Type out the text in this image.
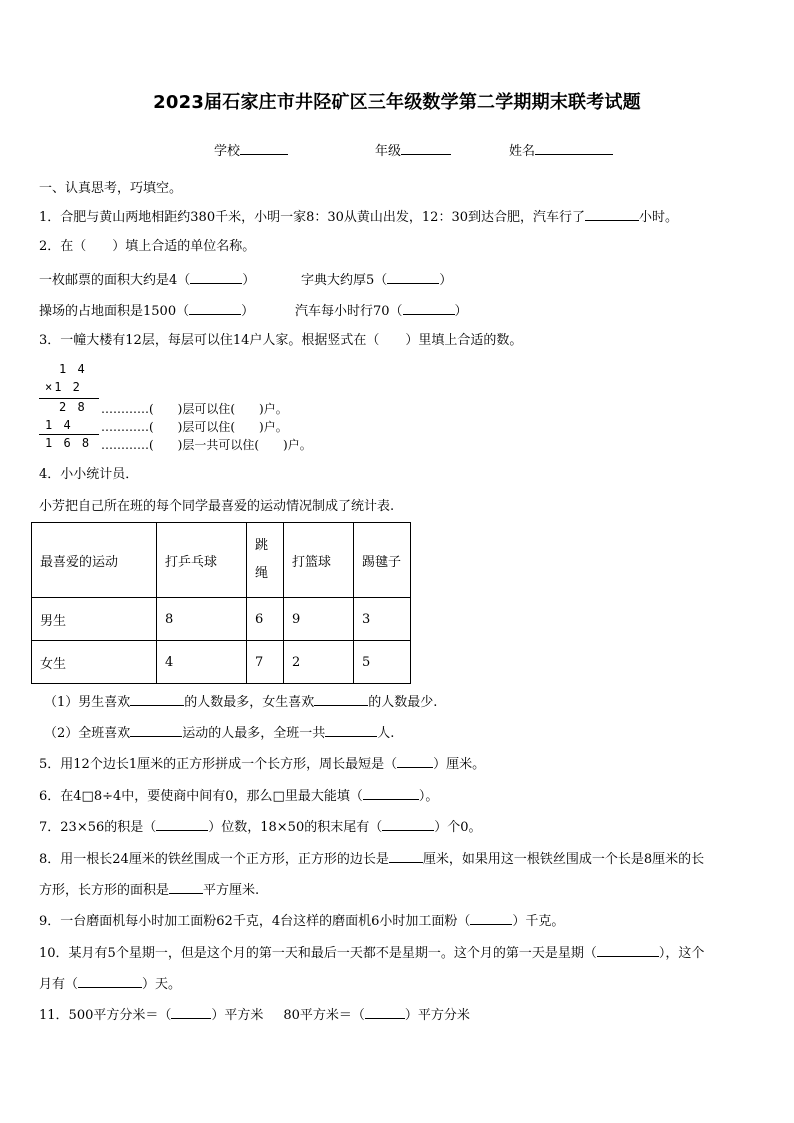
2023届石家庄市井陉矿区三年级数学第二学期期末联考试题
学校	年级	姓名
一、认真思考，巧填空。
1．合肥与黄山两地相距约380千米，小明一家8：30从黄山出发，12：30到达合肥，汽车行了	小时。
2．在（　　）填上合适的单位名称。
一枚邮票的面积大约是4（	）	字典大约厚5（	）
操场的占地面积是1500（	）	汽车每小时行70（	）
3．一幢大楼有12层，每层可以住14户人家。根据竖式在（　　）里填上合适的数。
1 4
×1 2
2 8 …………(　　)层可以住(　　)户。
1 4 …………(　　)层可以住(　　)户。
1 6 8 …………(　　)层一共可以住(　　)户。
4．小小统计员．
小芳把自己所在班的每个同学最喜爱的运动情况制成了统计表.
最喜爱的运动	打乒乓球	跳绳	打篮球	踢毽子
男生	8	6	9	3
女生	4	7	2	5
（1）男生喜欢	的人数最多，女生喜欢	的人数最少.
（2）全班喜欢	运动的人最多，全班一共	人.
5．用12个边长1厘米的正方形拼成一个长方形，周长最短是（	）厘米。
6．在4□8÷4中，要使商中间有0，那么□里最大能填（	）。
7．23×56的积是（	）位数，18×50的积末尾有（	）个0。
8．用一根长24厘米的铁丝围成一个正方形，正方形的边长是	厘米，如果用这一根铁丝围成一个长是8厘米的长
方形，长方形的面积是	平方厘米.
9．一台磨面机每小时加工面粉62千克，4台这样的磨面机6小时加工面粉（	）千克。
10．某月有5个星期一，但是这个月的第一天和最后一天都不是星期一。这个月的第一天是星期（	），这个
月有（	）天。
11．500平方分米＝（	）平方米 80平方米＝（	）平方分米
